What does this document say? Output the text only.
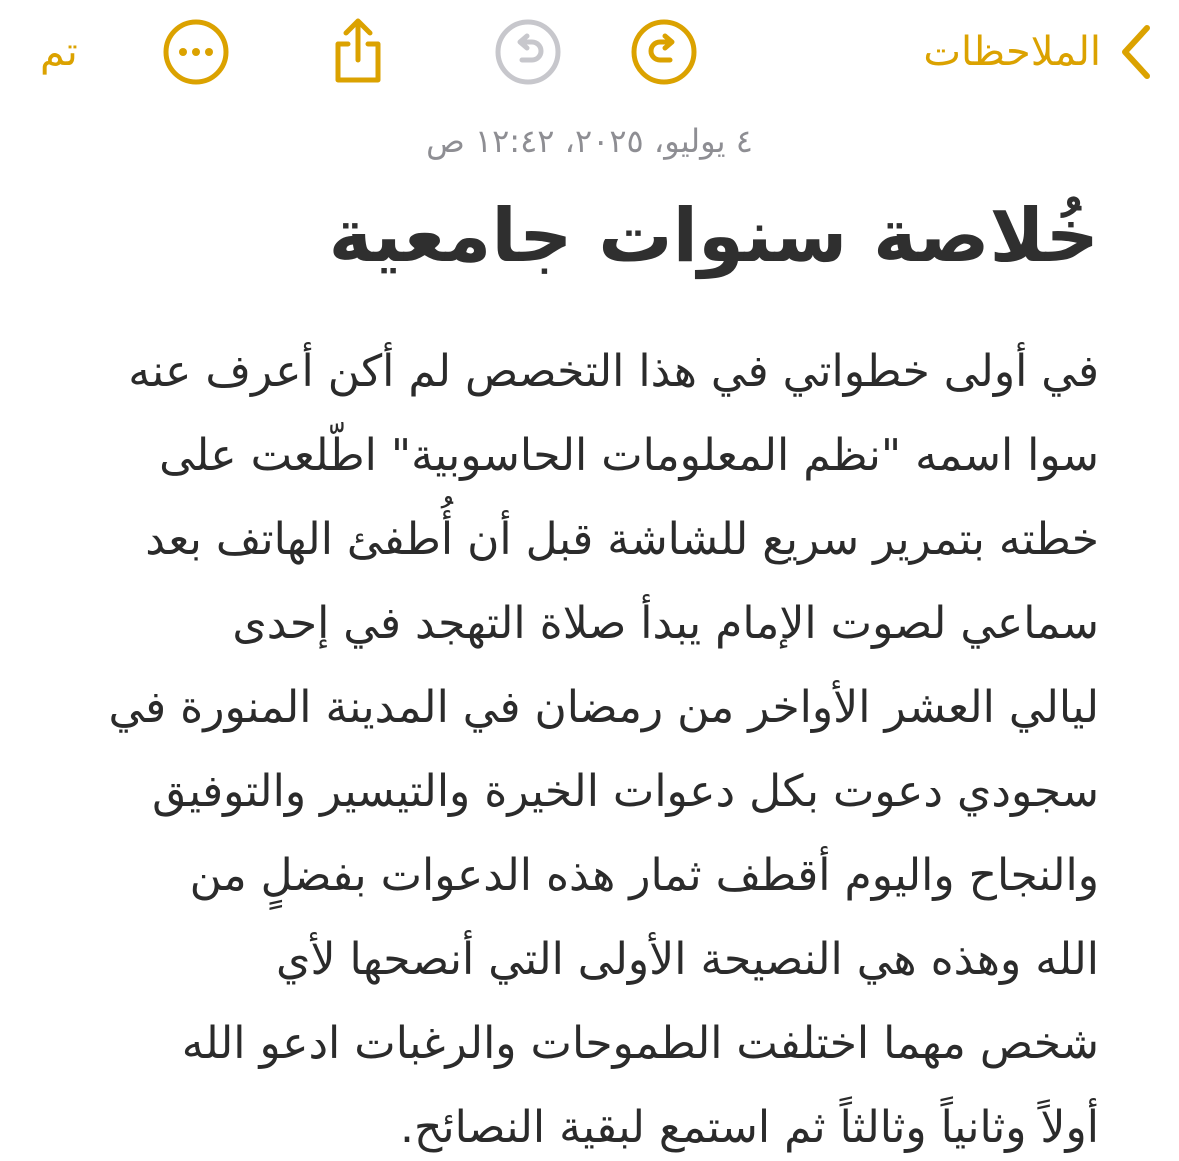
تم	الملاحظات
٤ يوليو، ٢٠٢٥، ١٢:٤٢ ص
خُلاصة سنوات جامعية
في أولى خطواتي في هذا التخصص لم أكن أعرف عنه
سوا اسمه "نظم المعلومات الحاسوبية" اطّلعت على
خطته بتمرير سريع للشاشة قبل أن أُطفئ الهاتف بعد
سماعي لصوت الإمام يبدأ صلاة التهجد في إحدى
ليالي العشر الأواخر من رمضان في المدينة المنورة في
سجودي دعوت بكل دعوات الخيرة والتيسير والتوفيق
والنجاح واليوم أقطف ثمار هذه الدعوات بفضلٍ من
الله وهذه هي النصيحة الأولى التي أنصحها لأي
شخص مهما اختلفت الطموحات والرغبات ادعو الله
أولاً وثانياً وثالثاً ثم استمع لبقية النصائح.
